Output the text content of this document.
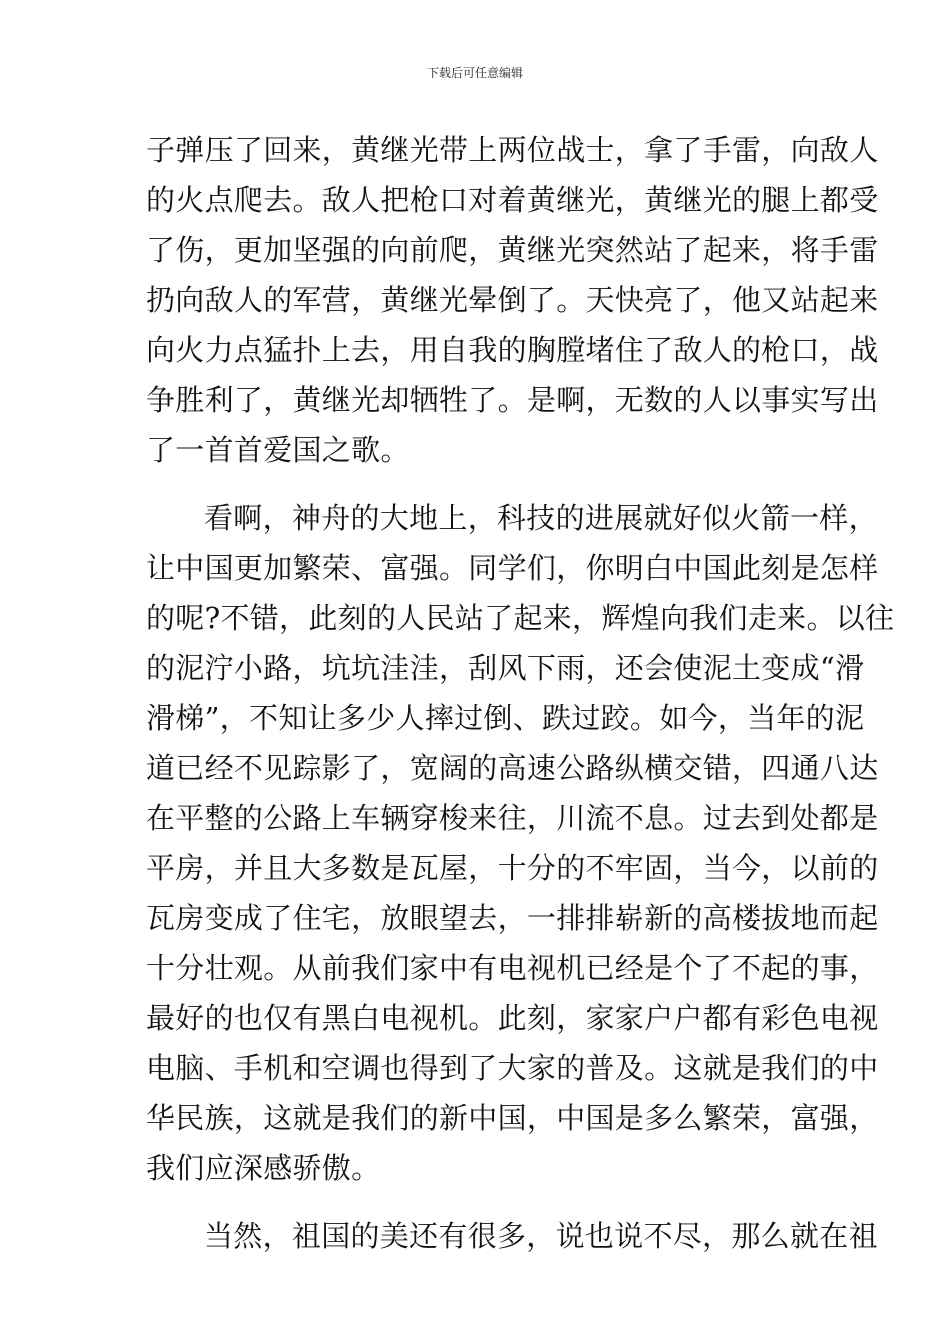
下载后可任意编辑
子弹压了回来，黄继光带上两位战士，拿了手雷，向敌人
的火点爬去。敌人把枪口对着黄继光，黄继光的腿上都受
了伤，更加坚强的向前爬，黄继光突然站了起来，将手雷
扔向敌人的军营，黄继光晕倒了。天快亮了，他又站起来
向火力点猛扑上去，用自我的胸膛堵住了敌人的枪口，战
争胜利了，黄继光却牺牲了。是啊，无数的人以事实写出
了一首首爱国之歌。
看啊，神舟的大地上，科技的进展就好似火箭一样，
让中国更加繁荣、富强。同学们，你明白中国此刻是怎样
的呢?不错，此刻的人民站了起来，辉煌向我们走来。以往
的泥泞小路，坑坑洼洼，刮风下雨，还会使泥土变成“滑
滑梯”，不知让多少人摔过倒、跌过跤。如今，当年的泥
道已经不见踪影了，宽阔的高速公路纵横交错，四通八达
在平整的公路上车辆穿梭来往，川流不息。过去到处都是
平房，并且大多数是瓦屋，十分的不牢固，当今，以前的
瓦房变成了住宅，放眼望去，一排排崭新的高楼拔地而起
十分壮观。从前我们家中有电视机已经是个了不起的事，
最好的也仅有黑白电视机。此刻，家家户户都有彩色电视
电脑、手机和空调也得到了大家的普及。这就是我们的中
华民族，这就是我们的新中国，中国是多么繁荣，富强，
我们应深感骄傲。
当然，祖国的美还有很多，说也说不尽，那么就在祖
